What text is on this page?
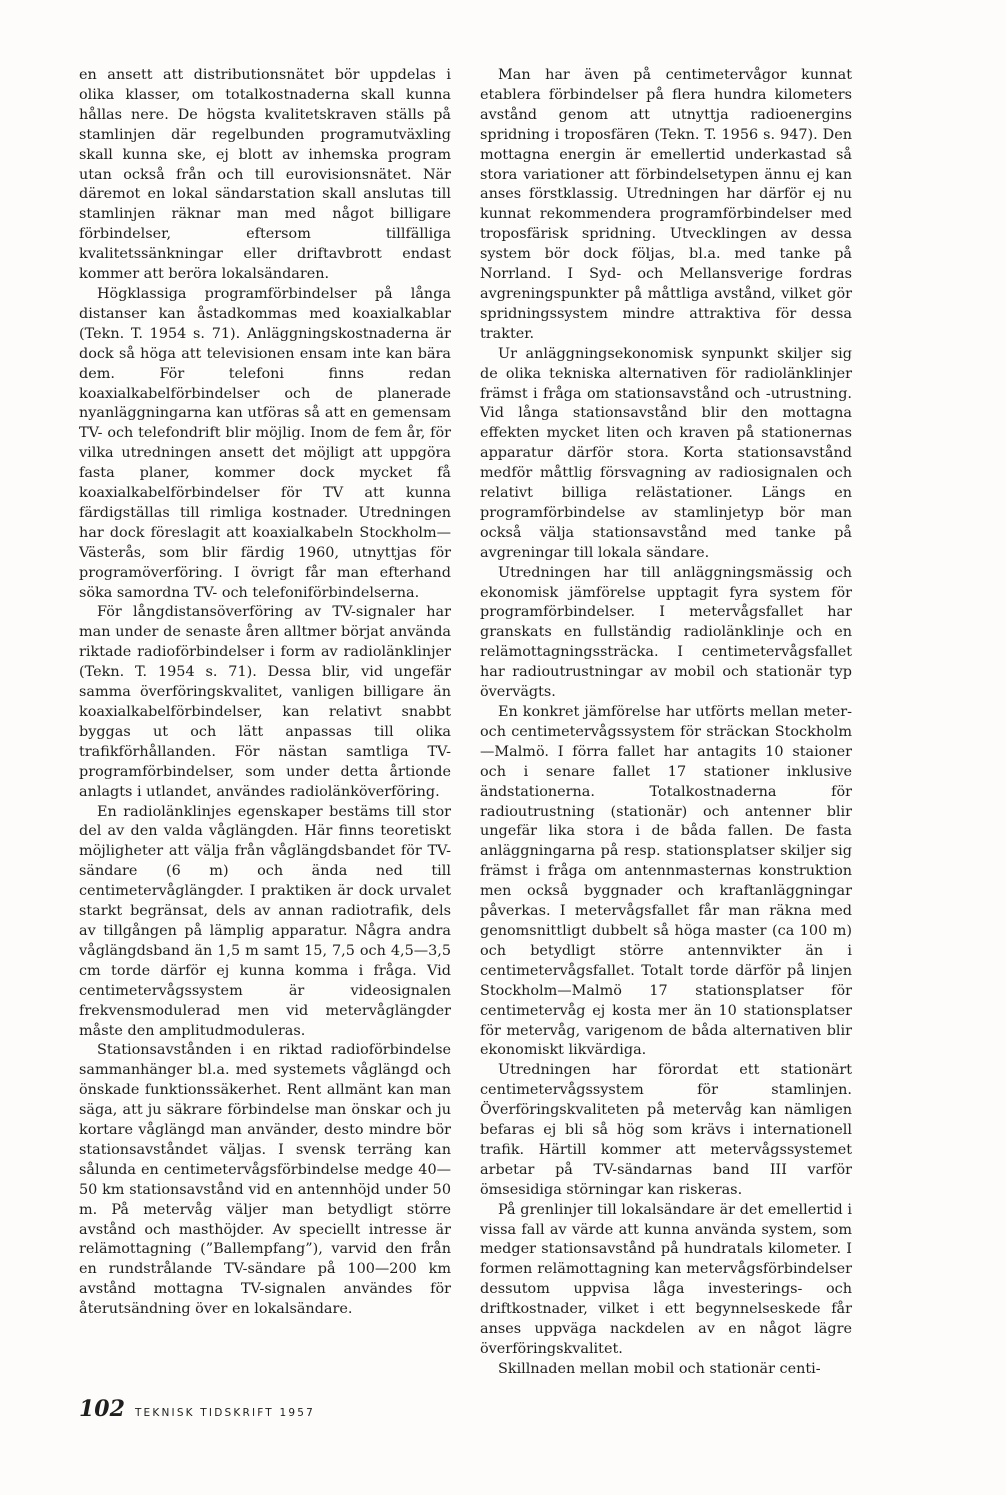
en ansett att distributionsnätet bör uppdelas i olika klasser, om totalkostnaderna skall kunna hållas nere. De högsta kvalitetskraven ställs på stamlinjen där regelbunden programutväxling skall kunna ske, ej blott av inhemska program utan också från och till eurovisionsnätet. När däremot en lokal sändarstation skall anslutas till stamlinjen räknar man med något billigare förbindelser, eftersom tillfälliga kvalitetssänkningar eller driftavbrott endast kommer att beröra lokalsändaren.

Högklassiga programförbindelser på långa distanser kan åstadkommas med koaxialkablar (Tekn. T. 1954 s. 71). Anläggningskostnaderna är dock så höga att televisionen ensam inte kan bära dem. För telefoni finns redan koaxialkabelförbindelser och de planerade nyanläggningarna kan utföras så att en gemensam TV- och telefondrift blir möjlig. Inom de fem år, för vilka utredningen ansett det möjligt att uppgöra fasta planer, kommer dock mycket få koaxialkabelförbindelser för TV att kunna färdigställas till rimliga kostnader. Utredningen har dock föreslagit att koaxialkabeln Stockholm—Västerås, som blir färdig 1960, utnyttjas för programöverföring. I övrigt får man efterhand söka samordna TV- och telefoniförbindelserna.

För långdistansöverföring av TV-signaler har man under de senaste åren alltmer börjat använda riktade radioförbindelser i form av radiolänklinjer (Tekn. T. 1954 s. 71). Dessa blir, vid ungefär samma överföringskvalitet, vanligen billigare än koaxialkabelförbindelser, kan relativt snabbt byggas ut och lätt anpassas till olika trafikförhållanden. För nästan samtliga TV-programförbindelser, som under detta årtionde anlagts i utlandet, användes radiolänköverföring.

En radiolänklinjes egenskaper bestäms till stor del av den valda våglängden. Här finns teoretiskt möjligheter att välja från våglängdsbandet för TV-sändare (6 m) och ända ned till centimetervåglängder. I praktiken är dock urvalet starkt begränsat, dels av annan radiotrafik, dels av tillgången på lämplig apparatur. Några andra våglängdsband än 1,5 m samt 15, 7,5 och 4,5—3,5 cm torde därför ej kunna komma i fråga. Vid centimetervågssystem är videosignalen frekvensmodulerad men vid metervåglängder måste den amplitudmoduleras.

Stationsavstånden i en riktad radioförbindelse sammanhänger bl.a. med systemets våglängd och önskade funktionssäkerhet. Rent allmänt kan man säga, att ju säkrare förbindelse man önskar och ju kortare våglängd man använder, desto mindre bör stationsavståndet väljas. I svensk terräng kan sålunda en centimetervågsförbindelse medge 40—50 km stationsavstånd vid en antennhöjd under 50 m. På metervåg väljer man betydligt större avstånd och masthöjder. Av speciellt intresse är relämottagning (”Ballempfang”), varvid den från en rundstrålande TV-sändare på 100—200 km avstånd mottagna TV-signalen användes för återutsändning över en lokalsändare.

Man har även på centimetervågor kunnat etablera förbindelser på flera hundra kilometers avstånd genom att utnyttja radioenergins spridning i troposfären (Tekn. T. 1956 s. 947). Den mottagna energin är emellertid underkastad så stora variationer att förbindelsetypen ännu ej kan anses förstklassig. Utredningen har därför ej nu kunnat rekommendera programförbindelser med troposfärisk spridning. Utvecklingen av dessa system bör dock följas, bl.a. med tanke på Norrland. I Syd- och Mellansverige fordras avgreningspunkter på måttliga avstånd, vilket gör spridningssystem mindre attraktiva för dessa trakter.

Ur anläggningsekonomisk synpunkt skiljer sig de olika tekniska alternativen för radiolänklinjer främst i fråga om stationsavstånd och -utrustning. Vid långa stationsavstånd blir den mottagna effekten mycket liten och kraven på stationernas apparatur därför stora. Korta stationsavstånd medför måttlig försvagning av radiosignalen och relativt billiga relästationer. Längs en programförbindelse av stamlinjetyp bör man också välja stationsavstånd med tanke på avgreningar till lokala sändare.

Utredningen har till anläggningsmässig och ekonomisk jämförelse upptagit fyra system för programförbindelser. I metervågsfallet har granskats en fullständig radiolänklinje och en relämottagningssträcka. I centimetervågsfallet har radioutrustningar av mobil och stationär typ övervägts.

En konkret jämförelse har utförts mellan meter- och centimetervågssystem för sträckan Stockholm—Malmö. I förra fallet har antagits 10 staioner och i senare fallet 17 stationer inklusive ändstationerna. Totalkostnaderna för radioutrustning (stationär) och antenner blir ungefär lika stora i de båda fallen. De fasta anläggningarna på resp. stationsplatser skiljer sig främst i fråga om antennmasternas konstruktion men också byggnader och kraftanläggningar påverkas. I metervågsfallet får man räkna med genomsnittligt dubbelt så höga master (ca 100 m) och betydligt större antennvikter än i centimetervågsfallet. Totalt torde därför på linjen Stockholm—Malmö 17 stationsplatser för centimetervåg ej kosta mer än 10 stationsplatser för metervåg, varigenom de båda alternativen blir ekonomiskt likvärdiga.

Utredningen har förordat ett stationärt centimetervågssystem för stamlinjen. Överföringskvaliteten på metervåg kan nämligen befaras ej bli så hög som krävs i internationell trafik. Härtill kommer att metervågssystemet arbetar på TV-sändarnas band III varför ömsesidiga störningar kan riskeras.

På grenlinjer till lokalsändare är det emellertid i vissa fall av värde att kunna använda system, som medger stationsavstånd på hundratals kilometer. I formen relämottagning kan metervågsförbindelser dessutom uppvisa låga investerings- och driftkostnader, vilket i ett begynnelseskede får anses uppväga nackdelen av en något lägre överföringskvalitet.

Skillnaden mellan mobil och stationär centi-

102 TEKNISK TIDSKRIFT 1957
